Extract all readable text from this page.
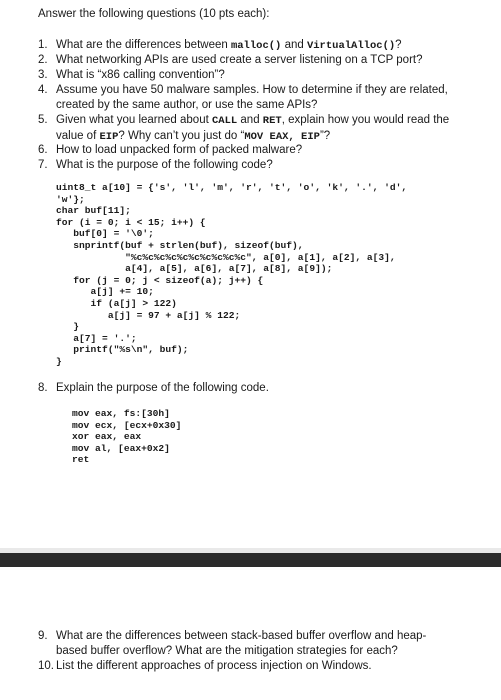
Answer the following questions (10 pts each):
1. What are the differences between malloc() and VirtualAlloc()?
2. What networking APIs are used create a server listening on a TCP port?
3. What is “x86 calling convention”?
4. Assume you have 50 malware samples. How to determine if they are related, created by the same author, or use the same APIs?
5. Given what you learned about CALL and RET, explain how you would read the value of EIP? Why can’t you just do “MOV EAX, EIP”?
6. How to load unpacked form of packed malware?
7. What is the purpose of the following code?
uint8_t a[10] = {'s', 'l', 'm', 'r', 't', 'o', 'k', '.', 'd',
'w'};
char buf[11];
for (i = 0; i < 15; i++) {
buf[0] = '\0';
snprintf(buf + strlen(buf), sizeof(buf),
"%c%c%c%c%c%c%c%c%c%c", a[0], a[1], a[2], a[3],
a[4], a[5], a[6], a[7], a[8], a[9]);
for (j = 0; j < sizeof(a); j++) {
a[j] += 10;
if (a[j] > 122)
a[j] = 97 + a[j] % 122;
}
a[7] = '.';
printf("%s\n", buf);
}
8. Explain the purpose of the following code.
mov eax, fs:[30h]
mov ecx, [ecx+0x30]
xor eax, eax
mov al, [eax+0x2]
ret
9. What are the differences between stack-based buffer overflow and heap-based buffer overflow? What are the mitigation strategies for each?
10. List the different approaches of process injection on Windows.
